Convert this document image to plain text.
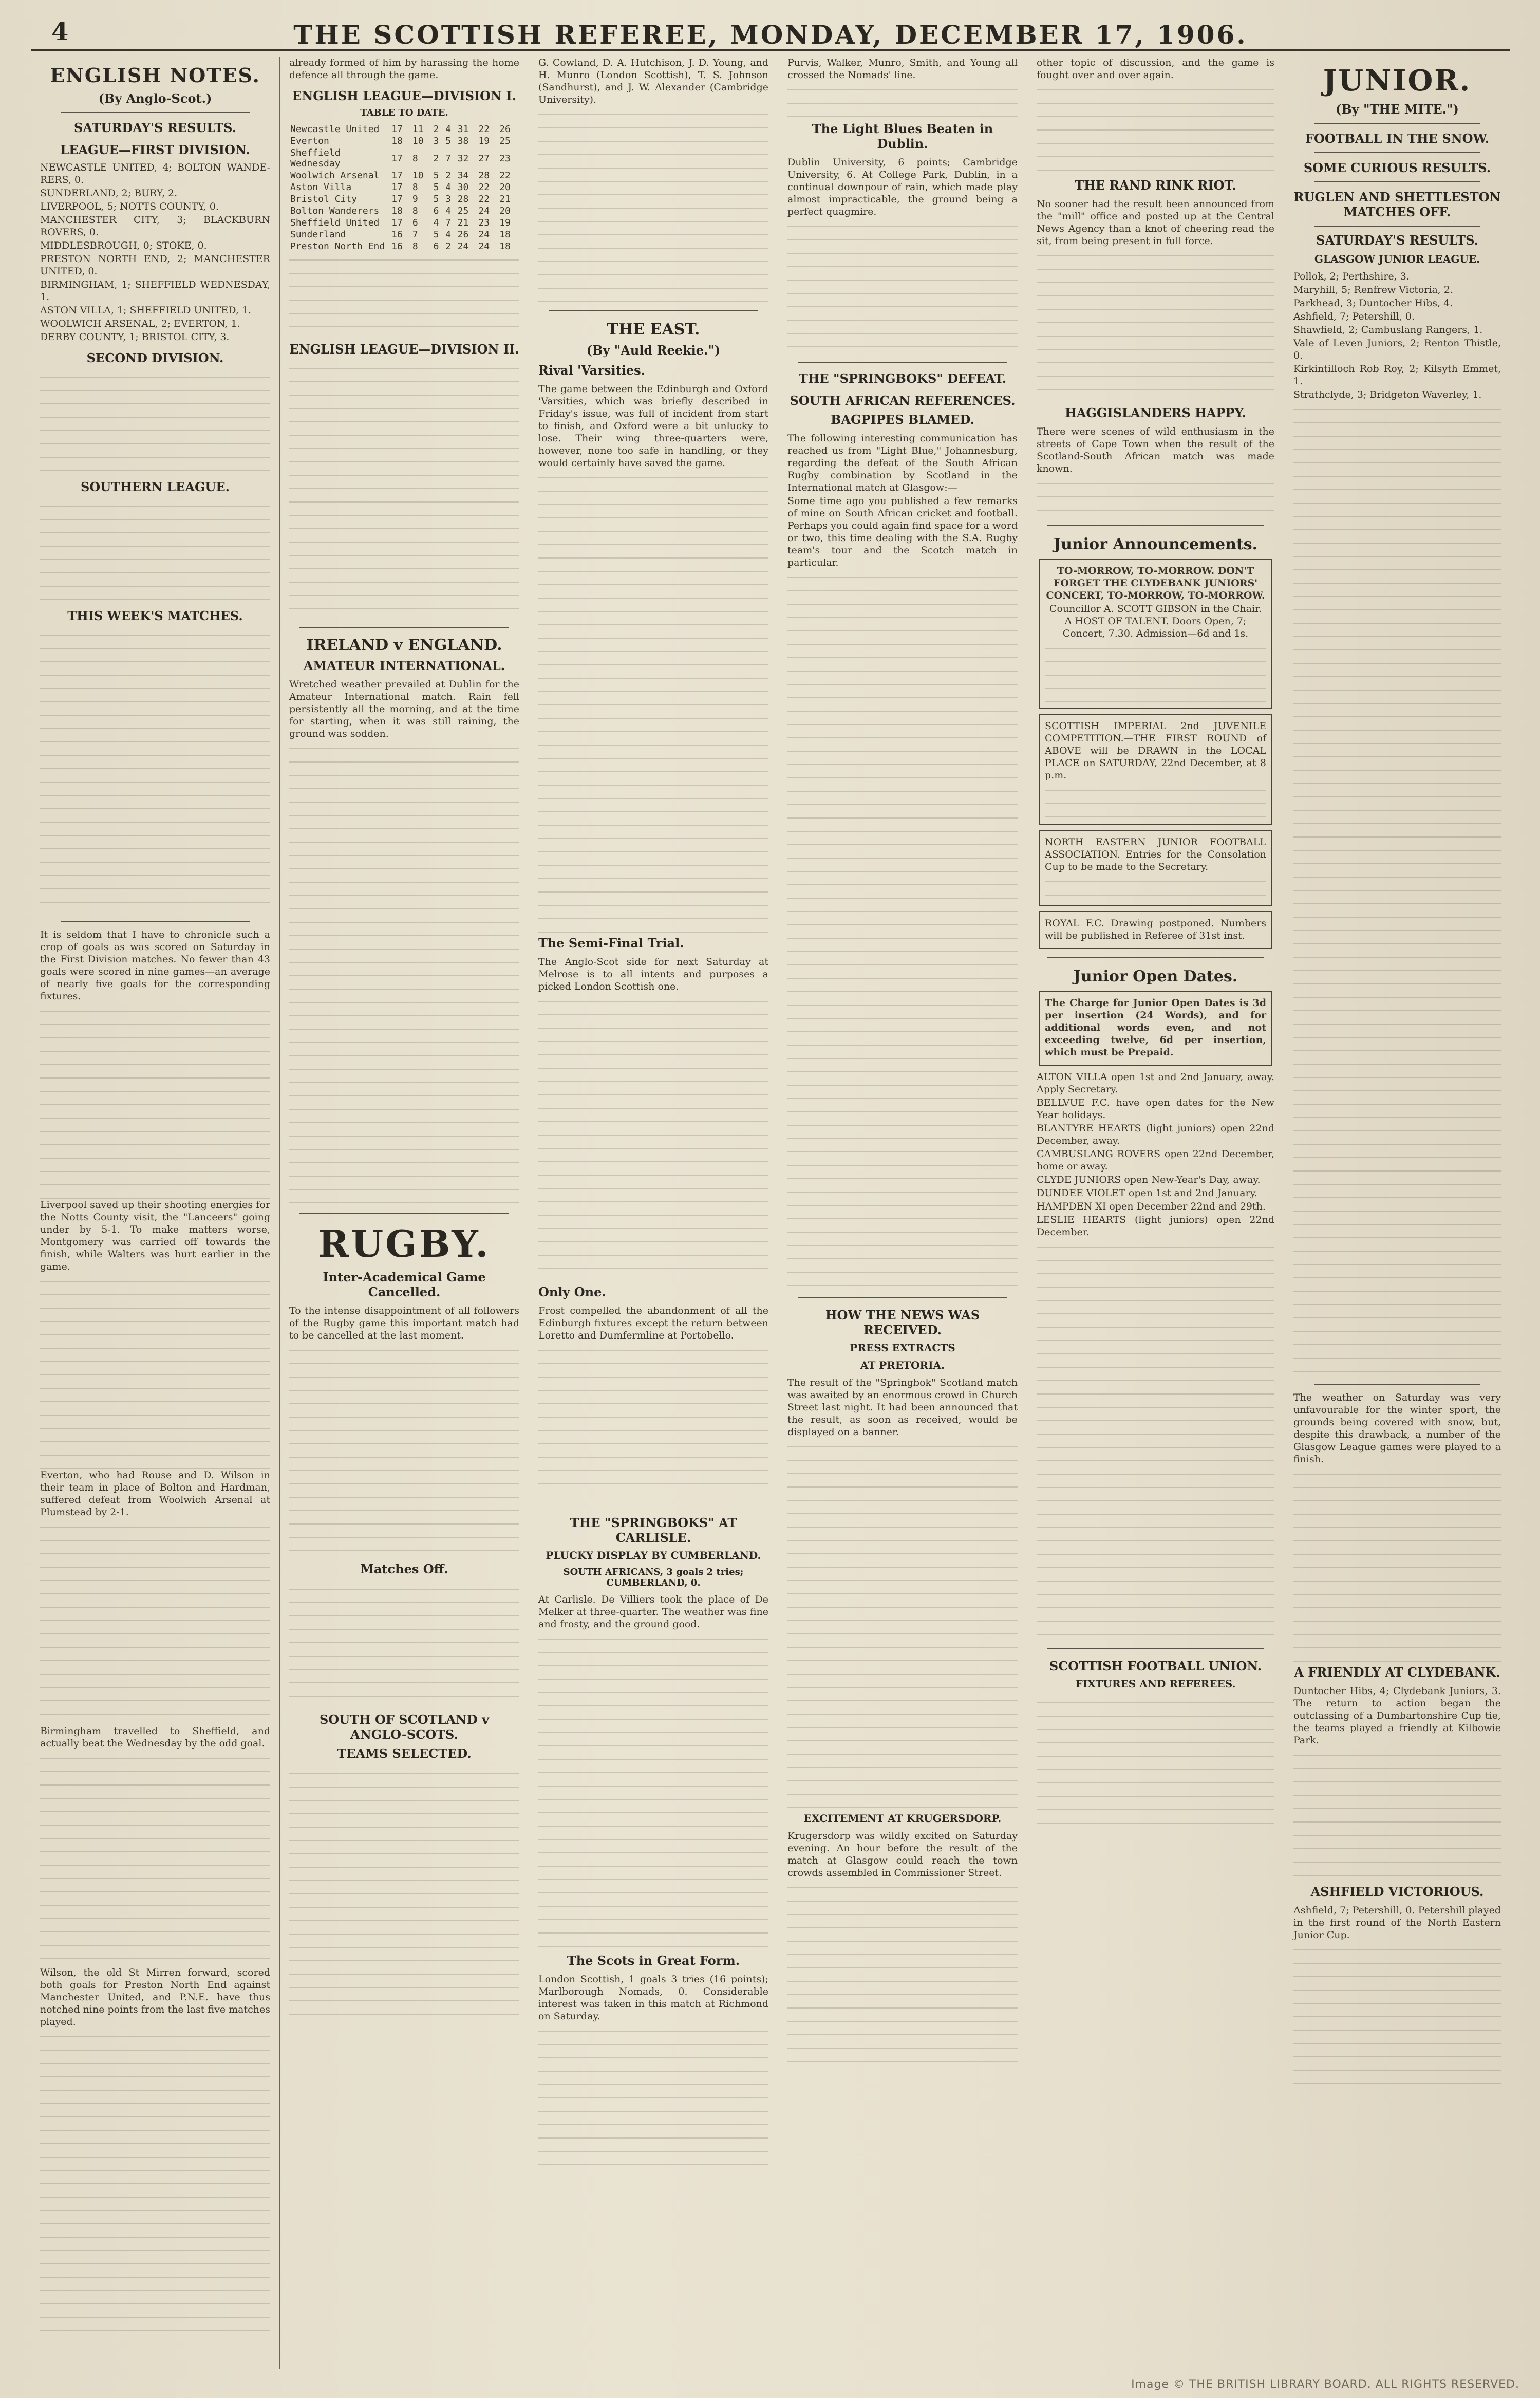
4	THE SCOTTISH REFEREE, MONDAY, DECEMBER 17, 1906.
ENGLISH NOTES.
(By Anglo-Scot.)
SATURDAY'S RESULTS.
LEAGUE—FIRST DIVISION.

NEWCASTLE UNITED, 4; BOLTON WANDE-RERS, 0.

SUNDERLAND, 2; BURY, 2.

LIVERPOOL, 5; NOTTS COUNTY, 0.

MANCHESTER CITY, 3; BLACKBURN ROVERS, 0.

MIDDLESBROUGH, 0; STOKE, 0.

PRESTON NORTH END, 2; MANCHESTER UNITED, 0.

BIRMINGHAM, 1; SHEFFIELD WEDNESDAY, 1.

ASTON VILLA, 1; SHEFFIELD UNITED, 1.

WOOLWICH ARSENAL, 2; EVERTON, 1.

DERBY COUNTY, 1; BRISTOL CITY, 3.

SECOND DIVISION.
SOUTHERN LEAGUE.
THIS WEEK'S MATCHES.

It is seldom that I have to chronicle such a crop of goals as was scored on Saturday in the First Division matches. No fewer than 43 goals were scored in nine games—an average of nearly five goals for the corresponding fixtures.

Liverpool saved up their shooting energies for the Notts County visit, the "Lanceers" going under by 5-1. To make matters worse, Montgomery was carried off towards the finish, while Walters was hurt earlier in the game.

Everton, who had Rouse and D. Wilson in their team in place of Bolton and Hardman, suffered defeat from Woolwich Arsenal at Plumstead by 2-1.

Birmingham travelled to Sheffield, and actually beat the Wednesday by the odd goal.

Wilson, the old St Mirren forward, scored both goals for Preston North End against Manchester United, and P.N.E. have thus notched nine points from the last five matches played.

already formed of him by harassing the home defence all through the game.

ENGLISH LEAGUE—DIVISION I.
TABLE TO DATE.
Newcastle United	17	11	2	4	31	22	26
Everton	18	10	3	5	38	19	25
Sheffield Wednesday	17	8	2	7	32	27	23
Woolwich Arsenal	17	10	5	2	34	28	22
Aston Villa	17	8	5	4	30	22	20
Bristol City	17	9	5	3	28	22	21
Bolton Wanderers	18	8	6	4	25	24	20
Sheffield United	17	6	4	7	21	23	19
Sunderland	16	7	5	4	26	24	18
Preston North End	16	8	6	2	24	24	18
ENGLISH LEAGUE—DIVISION II.
IRELAND v ENGLAND.
AMATEUR INTERNATIONAL.

Wretched weather prevailed at Dublin for the Amateur International match. Rain fell persistently all the morning, and at the time for starting, when it was still raining, the ground was sodden.

RUGBY.
Inter-Academical Game Cancelled.

To the intense disappointment of all followers of the Rugby game this important match had to be cancelled at the last moment.

Matches Off.
SOUTH OF SCOTLAND v ANGLO-SCOTS.
TEAMS SELECTED.

G. Cowland, D. A. Hutchison, J. D. Young, and H. Munro (London Scottish), T. S. Johnson (Sandhurst), and J. W. Alexander (Cambridge University).

THE EAST.
(By "Auld Reekie.")
Rival 'Varsities.

The game between the Edinburgh and Oxford 'Varsities, which was briefly described in Friday's issue, was full of incident from start to finish, and Oxford were a bit unlucky to lose. Their wing three-quarters were, however, none too safe in handling, or they would certainly have saved the game.

The Semi-Final Trial.

The Anglo-Scot side for next Saturday at Melrose is to all intents and purposes a picked London Scottish one.

Only One.

Frost compelled the abandonment of all the Edinburgh fixtures except the return between Loretto and Dumfermline at Portobello.

THE "SPRINGBOKS" AT CARLISLE.
PLUCKY DISPLAY BY CUMBERLAND.
SOUTH AFRICANS, 3 goals 2 tries; CUMBERLAND, 0.

At Carlisle. De Villiers took the place of De Melker at three-quarter. The weather was fine and frosty, and the ground good.

The Scots in Great Form.

London Scottish, 1 goals 3 tries (16 points); Marlborough Nomads, 0. Considerable interest was taken in this match at Richmond on Saturday.

Purvis, Walker, Munro, Smith, and Young all crossed the Nomads' line.

The Light Blues Beaten in Dublin.

Dublin University, 6 points; Cambridge University, 6. At College Park, Dublin, in a continual downpour of rain, which made play almost impracticable, the ground being a perfect quagmire.

THE "SPRINGBOKS" DEFEAT.
SOUTH AFRICAN REFERENCES.
BAGPIPES BLAMED.

The following interesting communication has reached us from "Light Blue," Johannesburg, regarding the defeat of the South African Rugby combination by Scotland in the International match at Glasgow:—

Some time ago you published a few remarks of mine on South African cricket and football. Perhaps you could again find space for a word or two, this time dealing with the S.A. Rugby team's tour and the Scotch match in particular.

HOW THE NEWS WAS RECEIVED.
PRESS EXTRACTS
AT PRETORIA.

The result of the "Springbok" Scotland match was awaited by an enormous crowd in Church Street last night. It had been announced that the result, as soon as received, would be displayed on a banner.

EXCITEMENT AT KRUGERSDORP.

Krugersdorp was wildly excited on Saturday evening. An hour before the result of the match at Glasgow could reach the town crowds assembled in Commissioner Street.

other topic of discussion, and the game is fought over and over again.

THE RAND RINK RIOT.

No sooner had the result been announced from the "mill" office and posted up at the Central News Agency than a knot of cheering read the sit, from being present in full force.

HAGGISLANDERS HAPPY.

There were scenes of wild enthusiasm in the streets of Cape Town when the result of the Scotland-South African match was made known.

Junior Announcements.

TO-MORROW, TO-MORROW. DON'T FORGET THE CLYDEBANK JUNIORS' CONCERT, TO-MORROW, TO-MORROW.

Councillor A. SCOTT GIBSON in the Chair. A HOST OF TALENT. Doors Open, 7; Concert, 7.30. Admission—6d and 1s.

SCOTTISH IMPERIAL 2nd JUVENILE COMPETITION.—THE FIRST ROUND of ABOVE will be DRAWN in the LOCAL PLACE on SATURDAY, 22nd December, at 8 p.m.

NORTH EASTERN JUNIOR FOOTBALL ASSOCIATION. Entries for the Consolation Cup to be made to the Secretary.

ROYAL F.C. Drawing postponed. Numbers will be published in Referee of 31st inst.

Junior Open Dates.

The Charge for Junior Open Dates is 3d per insertion (24 Words), and for additional words even, and not exceeding twelve, 6d per insertion, which must be Prepaid.

ALTON VILLA open 1st and 2nd January, away. Apply Secretary.

BELLVUE F.C. have open dates for the New Year holidays.

BLANTYRE HEARTS (light juniors) open 22nd December, away.

CAMBUSLANG ROVERS open 22nd December, home or away.

CLYDE JUNIORS open New-Year's Day, away.

DUNDEE VIOLET open 1st and 2nd January.

HAMPDEN XI open December 22nd and 29th.

LESLIE HEARTS (light juniors) open 22nd December.

SCOTTISH FOOTBALL UNION.
FIXTURES AND REFEREES.
JUNIOR.
(By "THE MITE.")
FOOTBALL IN THE SNOW.
SOME CURIOUS RESULTS.
RUGLEN AND SHETTLESTON MATCHES OFF.
SATURDAY'S RESULTS.
GLASGOW JUNIOR LEAGUE.

Pollok, 2; Perthshire, 3.

Maryhill, 5; Renfrew Victoria, 2.

Parkhead, 3; Duntocher Hibs, 4.

Ashfield, 7; Petershill, 0.

Shawfield, 2; Cambuslang Rangers, 1.

Vale of Leven Juniors, 2; Renton Thistle, 0.

Kirkintilloch Rob Roy, 2; Kilsyth Emmet, 1.

Strathclyde, 3; Bridgeton Waverley, 1.

The weather on Saturday was very unfavourable for the winter sport, the grounds being covered with snow, but, despite this drawback, a number of the Glasgow League games were played to a finish.

A FRIENDLY AT CLYDEBANK.

Duntocher Hibs, 4; Clydebank Juniors, 3. The return to action began the outclassing of a Dumbartonshire Cup tie, the teams played a friendly at Kilbowie Park.

ASHFIELD VICTORIOUS.

Ashfield, 7; Petershill, 0. Petershill played in the first round of the North Eastern Junior Cup.

Image © THE BRITISH LIBRARY BOARD. ALL RIGHTS RESERVED.
